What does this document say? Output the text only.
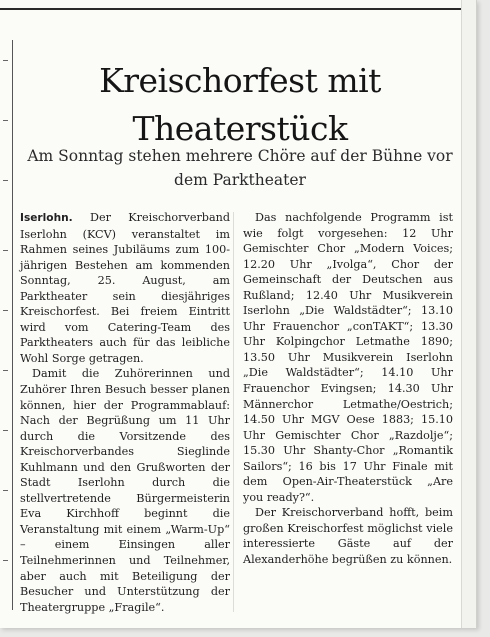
Kreischorfest mit Theaterstück
Am Sonntag stehen mehrere Chöre auf der Bühne vor dem Parktheater

Iserlohn. Der Kreischorverband Iserlohn (KCV) veranstaltet im Rahmen seines Jubiläums zum 100-jährigen Bestehen am kommenden Sonntag, 25. August, am Parktheater sein diesjähriges Kreischorfest. Bei freiem Eintritt wird vom Catering-Team des Parktheaters auch für das leibliche Wohl Sorge getragen.

Damit die Zuhörerinnen und Zuhörer Ihren Besuch besser planen können, hier der Programmablauf: Nach der Begrüßung um 11 Uhr durch die Vorsitzende des Kreischorverbandes Sieglinde Kuhlmann und den Grußworten der Stadt Iserlohn durch die stellvertretende Bürgermeisterin Eva Kirchhoff beginnt die Veranstaltung mit einem „Warm-Up“ – einem Einsingen aller Teilnehmerinnen und Teilnehmer, aber auch mit Beteiligung der Besucher und Unterstützung der Theatergruppe „Fragile“.

Das nachfolgende Programm ist wie folgt vorgesehen: 12 Uhr Gemischter Chor „Modern Voices; 12.20 Uhr „Ivolga“, Chor der Gemeinschaft der Deutschen aus Rußland; 12.40 Uhr Musikverein Iserlohn „Die Waldstädter“; 13.10 Uhr Frauenchor „conTAKT“; 13.30 Uhr Kolpingchor Letmathe 1890; 13.50 Uhr Musikverein Iserlohn „Die Waldstädter“; 14.10 Uhr Frauenchor Evingsen; 14.30 Uhr Männerchor Letmathe/Oestrich; 14.50 Uhr MGV Oese 1883; 15.10 Uhr Gemischter Chor „Razdolje“; 15.30 Uhr Shanty-Chor „Romantik Sailors“; 16 bis 17 Uhr Finale mit dem Open-Air-Theaterstück „Are you ready?“.

Der Kreischorverband hofft, beim großen Kreischorfest möglichst viele interessierte Gäste auf der Alexanderhöhe begrüßen zu können.
